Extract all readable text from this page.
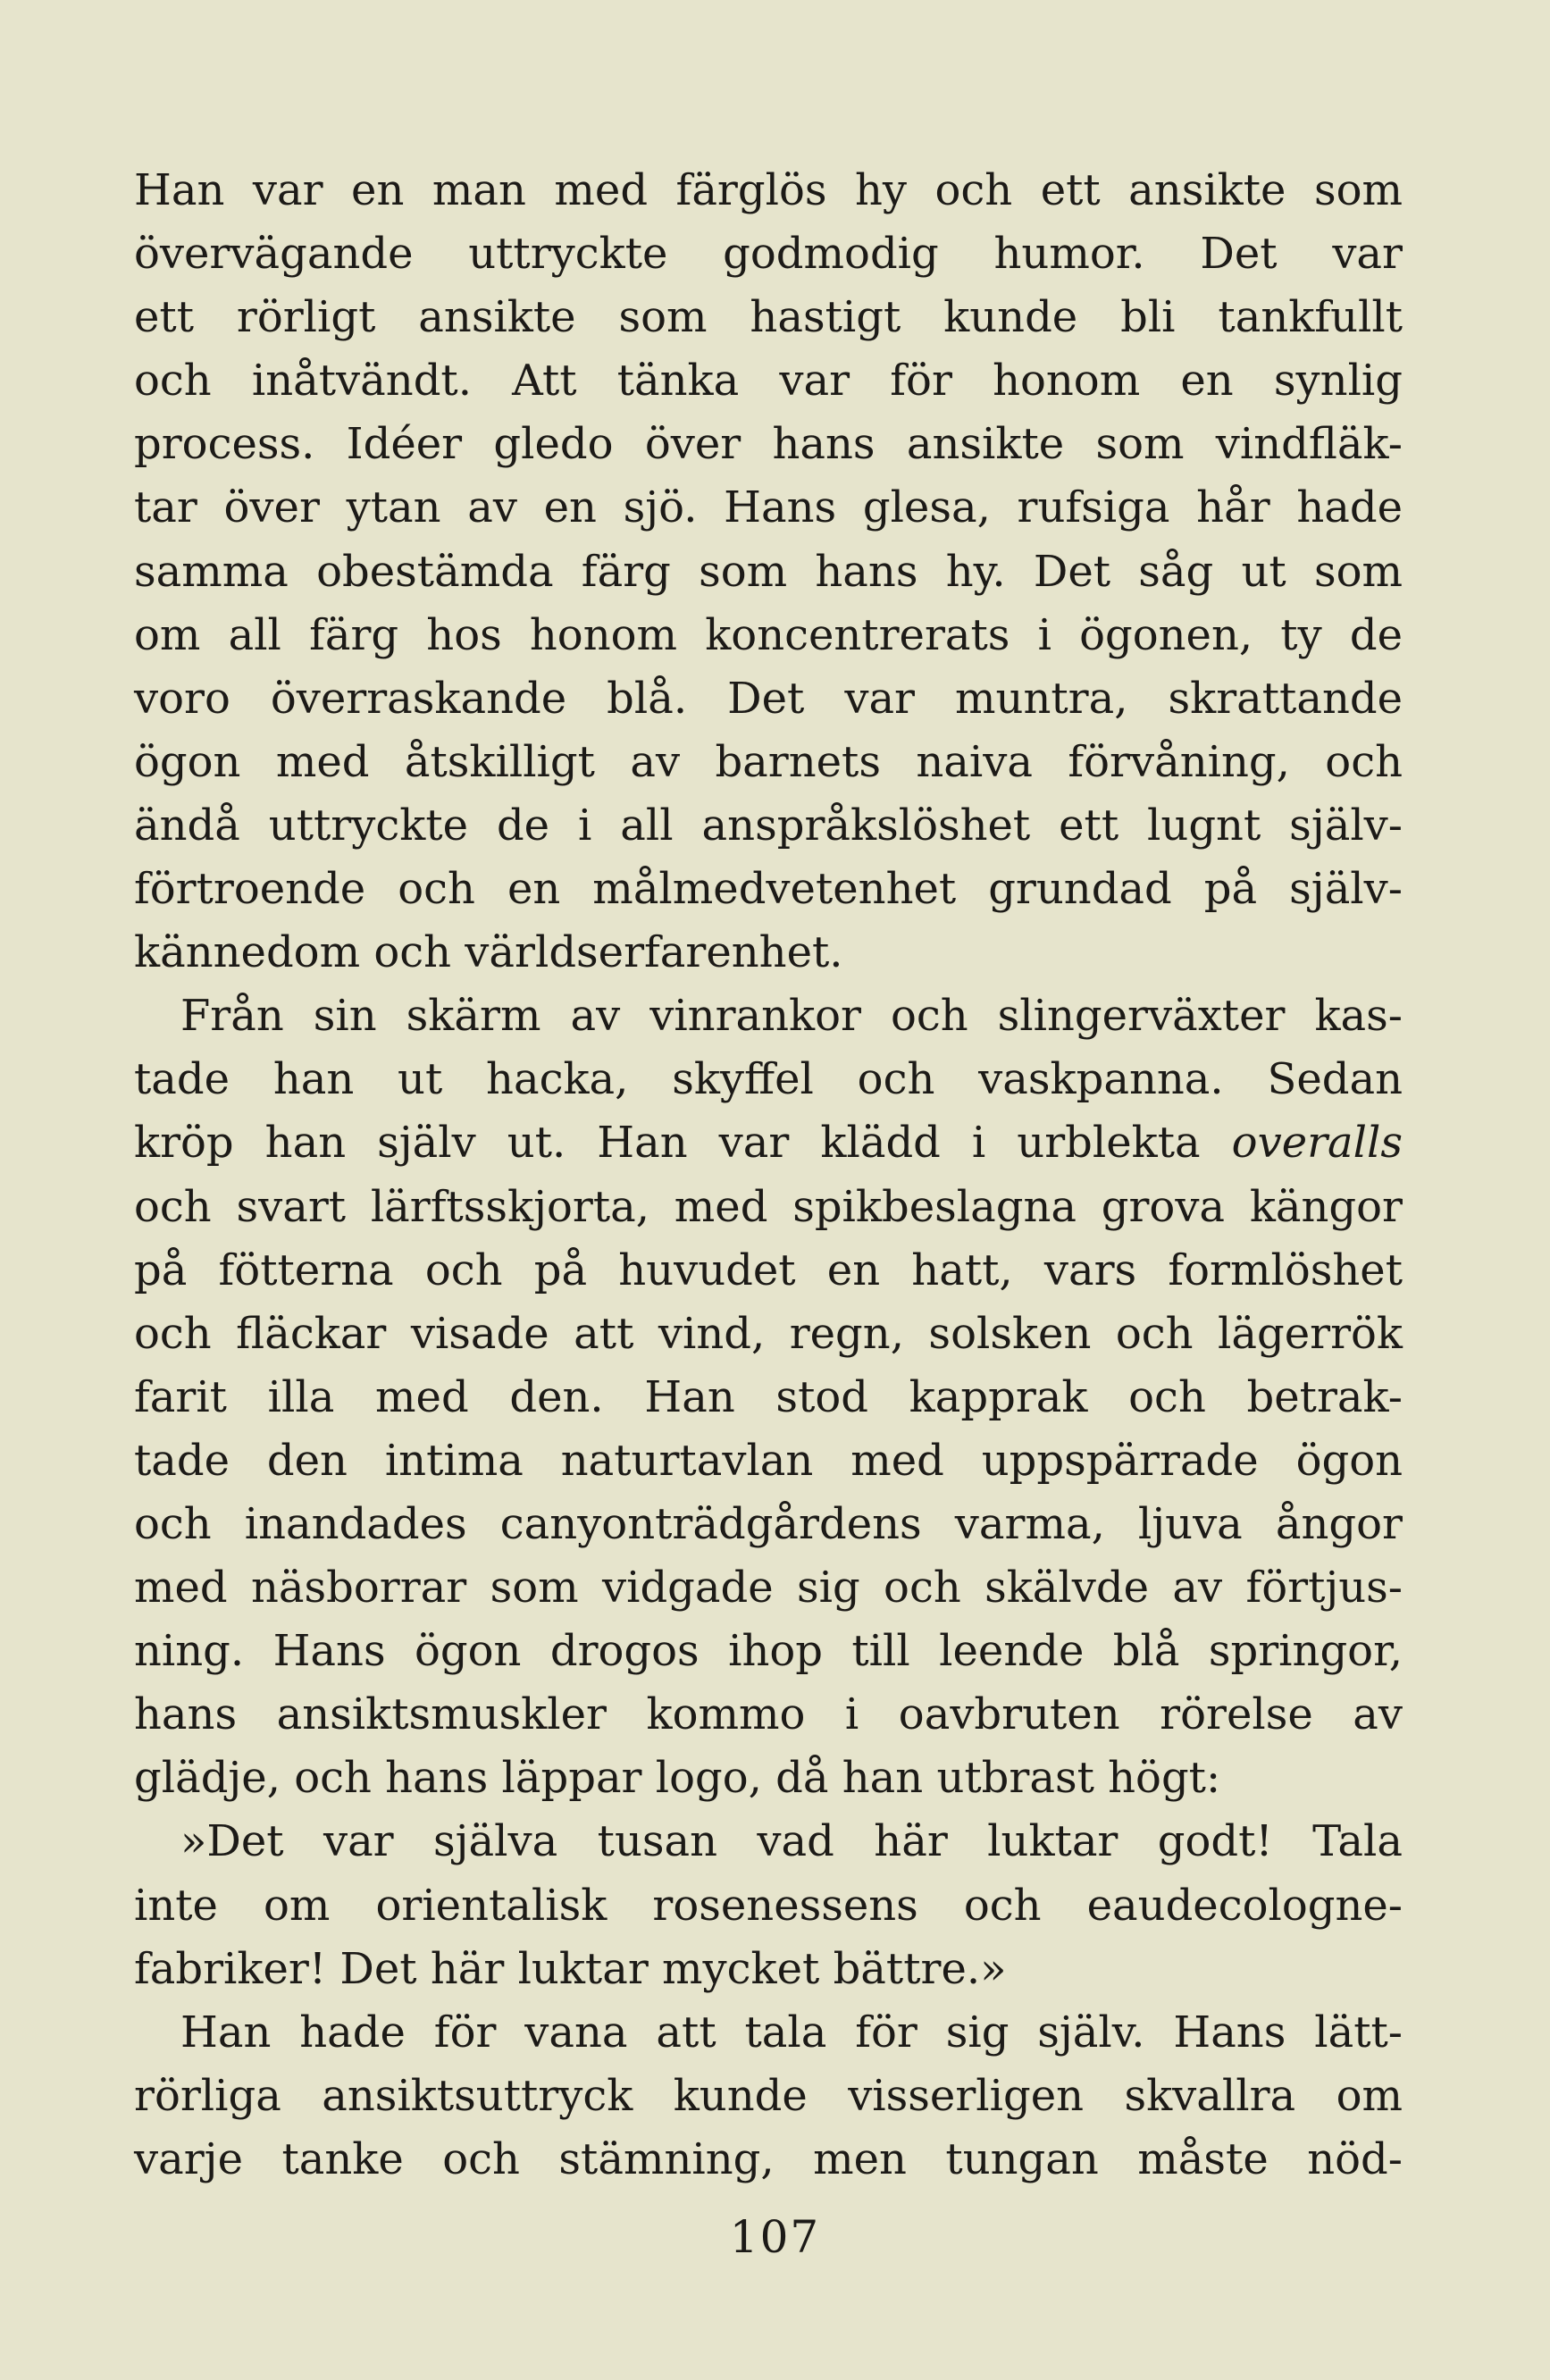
Han var en man med färglös hy och ett ansikte som
övervägande uttryckte godmodig humor. Det var
ett rörligt ansikte som hastigt kunde bli tankfullt
och inåtvändt. Att tänka var för honom en synlig
process. Idéer gledo över hans ansikte som vindfläk-
tar över ytan av en sjö. Hans glesa, rufsiga hår hade
samma obestämda färg som hans hy. Det såg ut som
om all färg hos honom koncentrerats i ögonen, ty de
voro överraskande blå. Det var muntra, skrattande
ögon med åtskilligt av barnets naiva förvåning, och
ändå uttryckte de i all anspråkslöshet ett lugnt själv-
förtroende och en målmedvetenhet grundad på själv-
kännedom och världserfarenhet.
Från sin skärm av vinrankor och slingerväxter kas-
tade han ut hacka, skyffel och vaskpanna. Sedan
kröp han själv ut. Han var klädd i urblekta overalls
och svart lärftsskjorta, med spikbeslagna grova kängor
på fötterna och på huvudet en hatt, vars formlöshet
och fläckar visade att vind, regn, solsken och lägerrök
farit illa med den. Han stod kapprak och betrak-
tade den intima naturtavlan med uppspärrade ögon
och inandades canyonträdgårdens varma, ljuva ångor
med näsborrar som vidgade sig och skälvde av förtjus-
ning. Hans ögon drogos ihop till leende blå springor,
hans ansiktsmuskler kommo i oavbruten rörelse av
glädje, och hans läppar logo, då han utbrast högt:
»Det var själva tusan vad här luktar godt! Tala
inte om orientalisk rosenessens och eaudecologne-
fabriker! Det här luktar mycket bättre.»
Han hade för vana att tala för sig själv. Hans lätt-
rörliga ansiktsuttryck kunde visserligen skvallra om
varje tanke och stämning, men tungan måste nöd-
107
